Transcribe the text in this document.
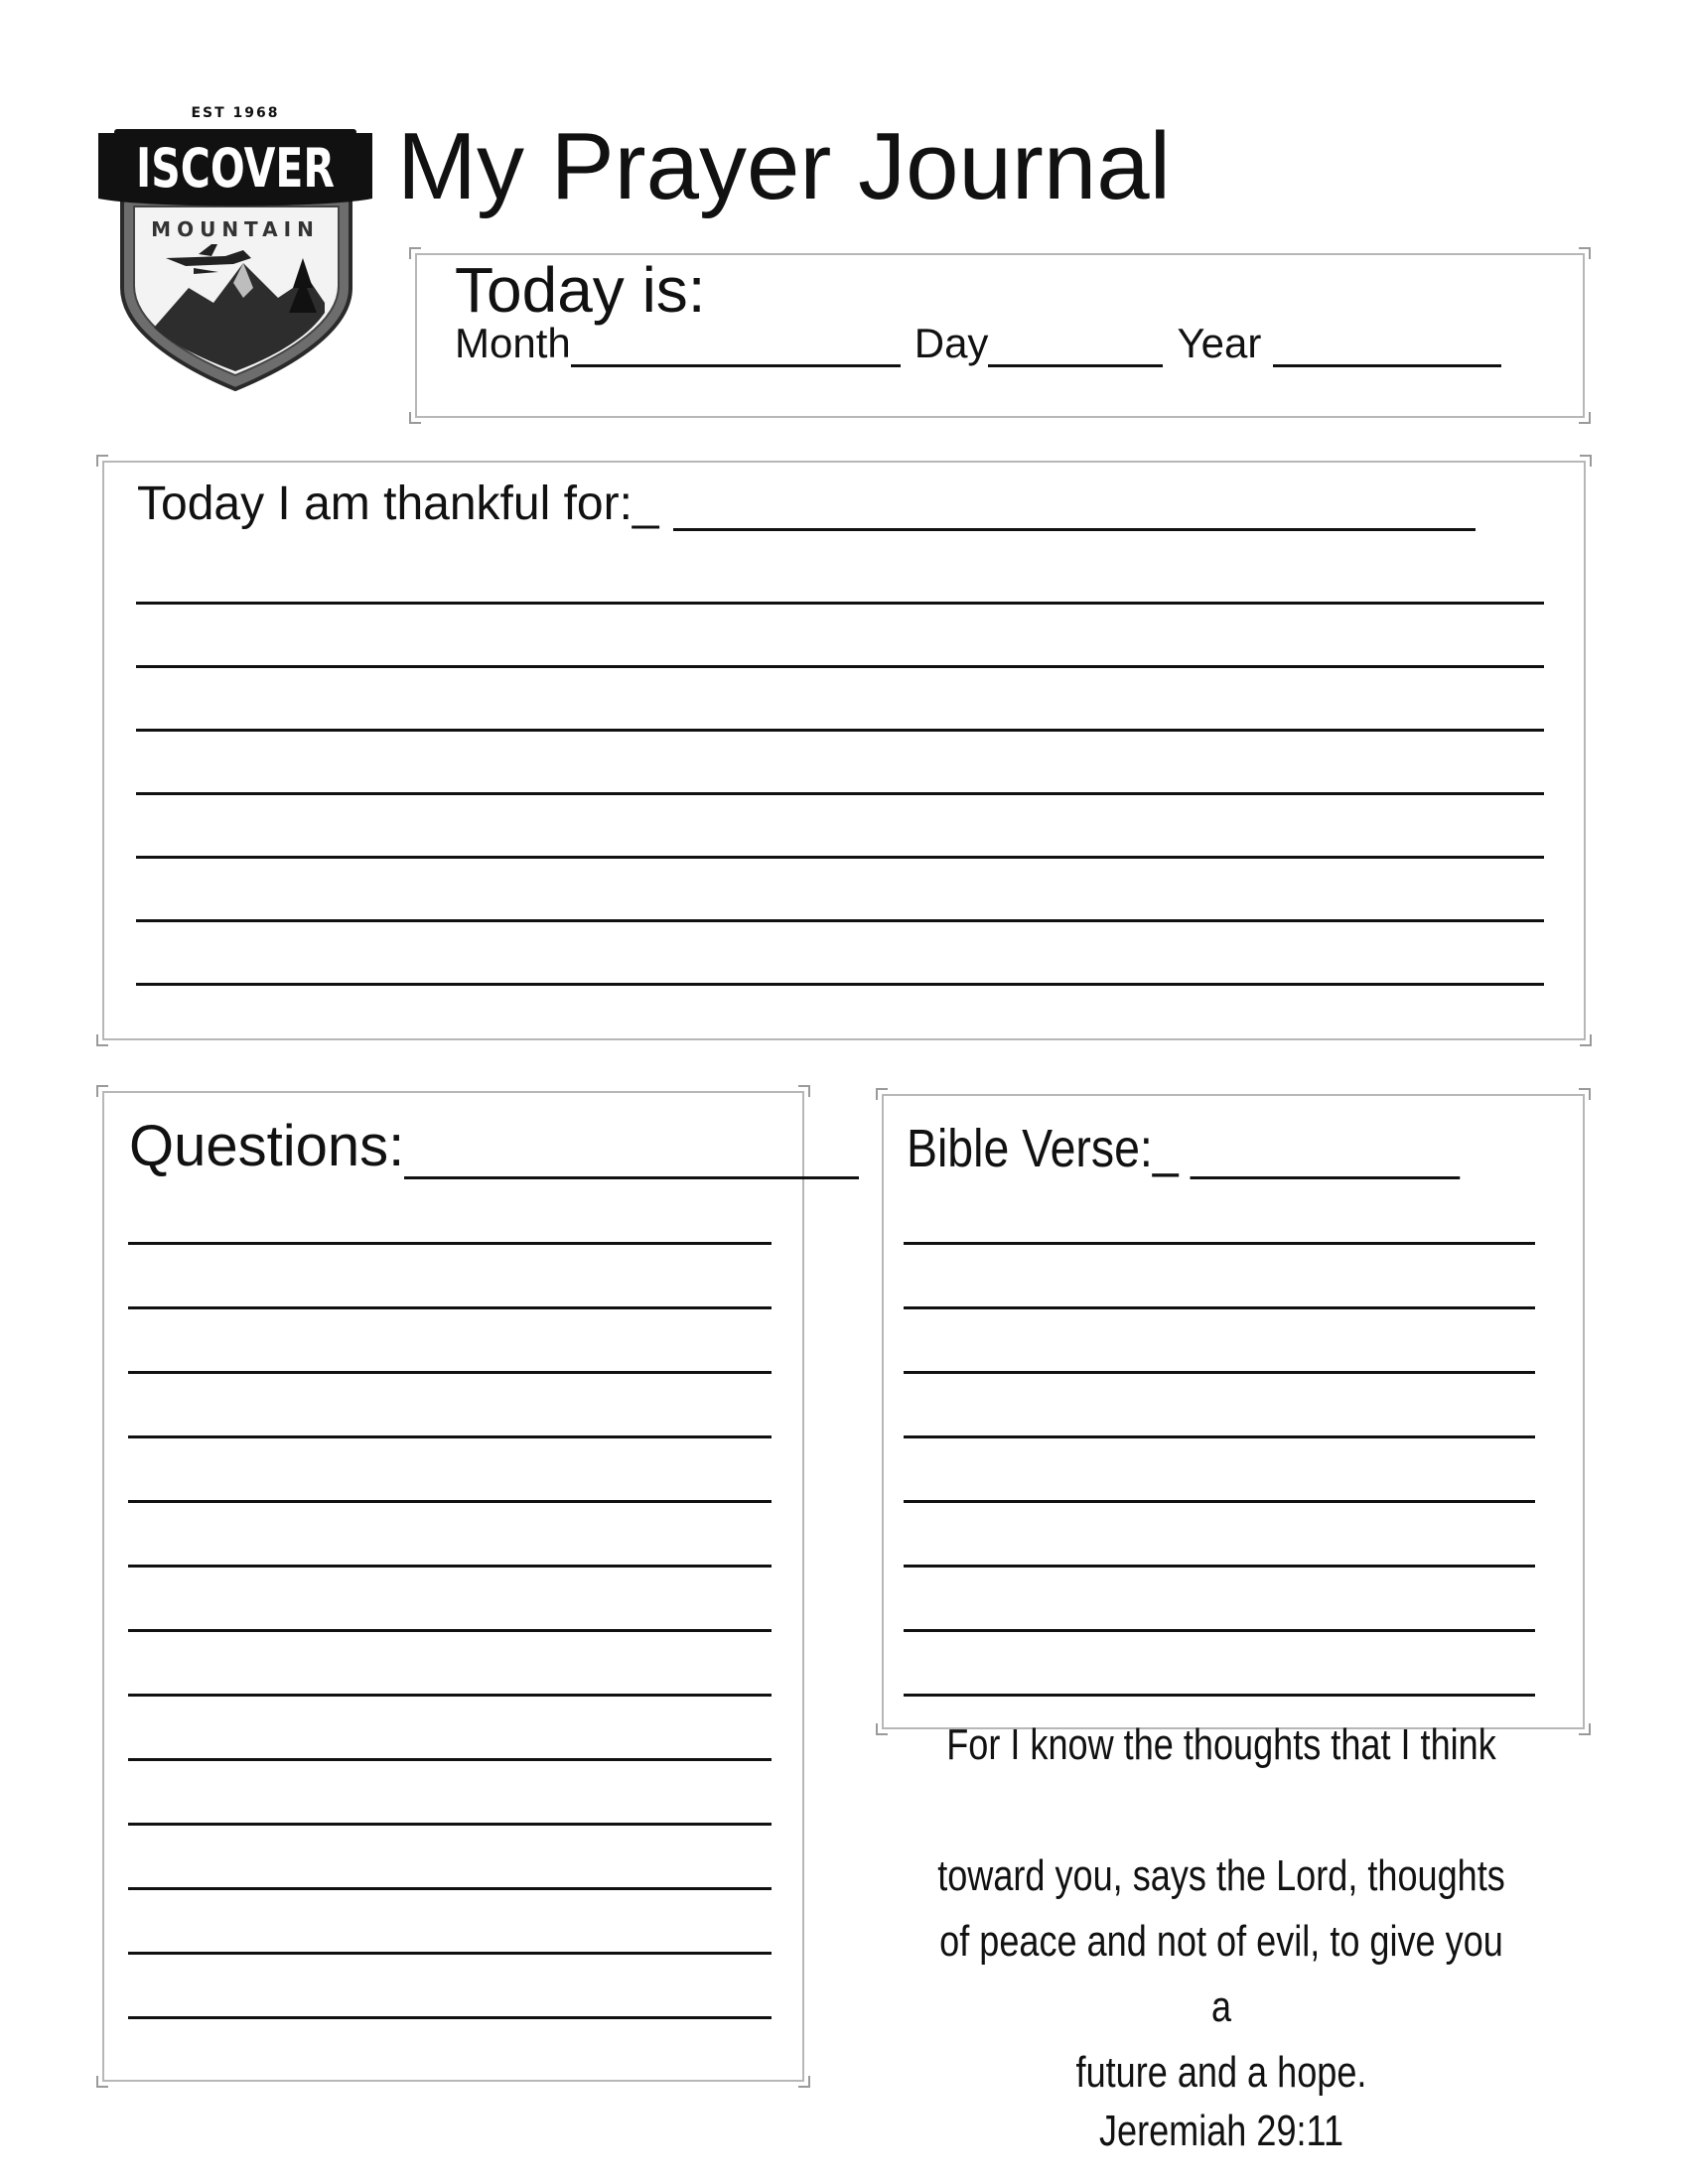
EST 1968
MOUNTAIN
ISCOVER My Prayer Journal
Today is:
Month	Day	Year
Today I am thankful for:_
Questions:	Bible Verse:_
For I know the thoughts that I think
toward you, says the Lord, thoughts
of peace and not of evil, to give you a
future and a hope.
Jeremiah 29:11
